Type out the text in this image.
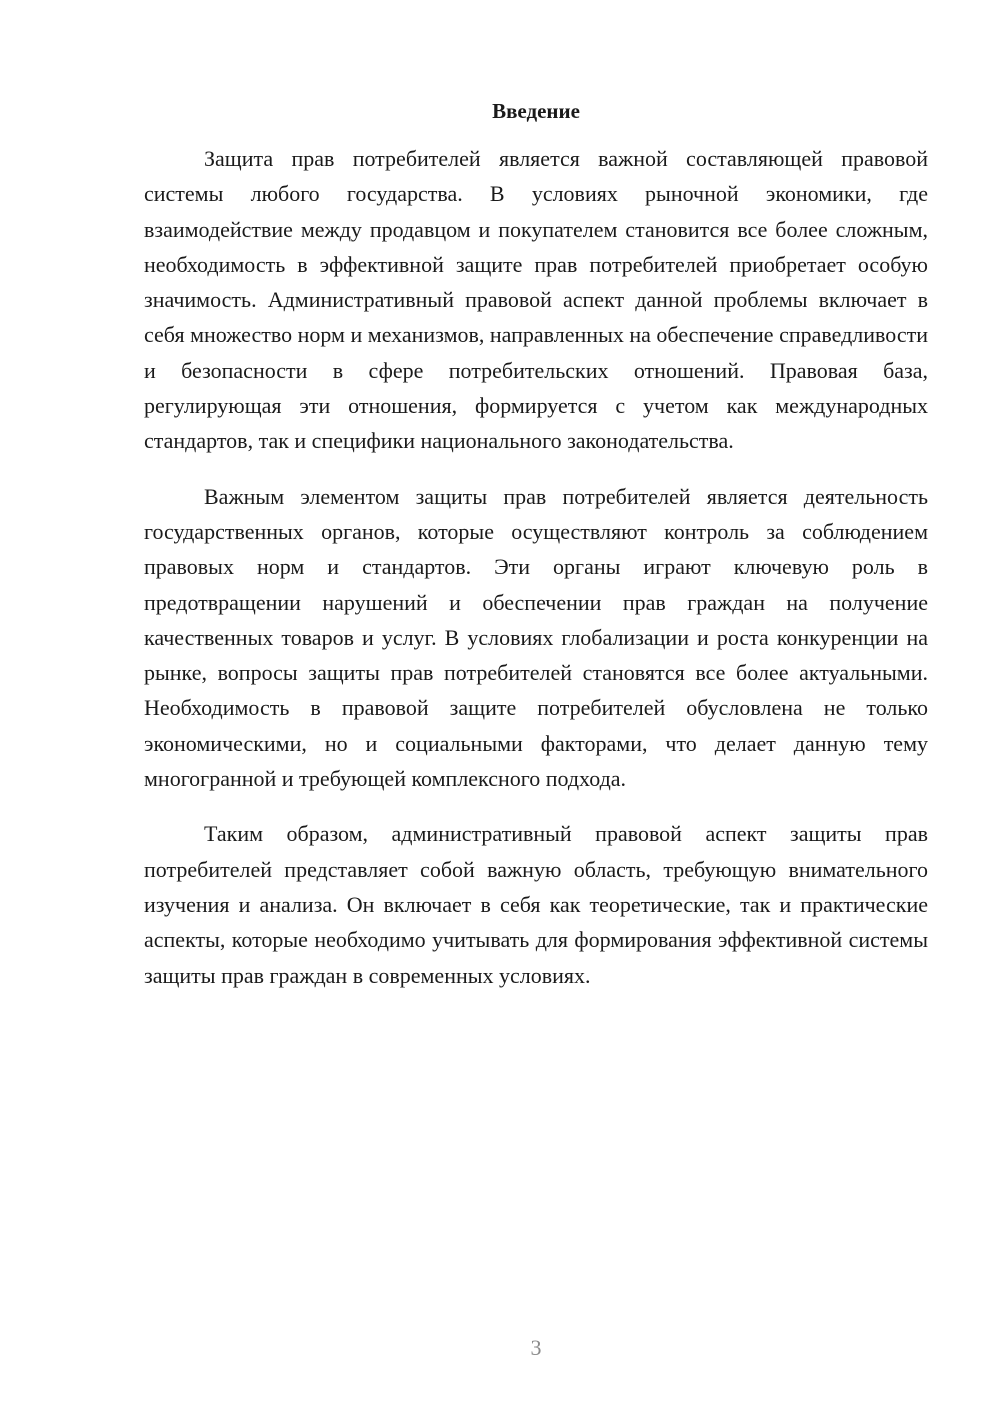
Введение

Защита прав потребителей является важной составляющей правовой системы любого государства. В условиях рыночной экономики, где взаимодействие между продавцом и покупателем становится все более сложным, необходимость в эффективной защите прав потребителей приобретает особую значимость. Административный правовой аспект данной проблемы включает в себя множество норм и механизмов, направленных на обеспечение справедливости и безопасности в сфере потребительских отношений. Правовая база, регулирующая эти отношения, формируется с учетом как международных стандартов, так и специфики национального законодательства.

Важным элементом защиты прав потребителей является деятельность государственных органов, которые осуществляют контроль за соблюдением правовых норм и стандартов. Эти органы играют ключевую роль в предотвращении нарушений и обеспечении прав граждан на получение качественных товаров и услуг. В условиях глобализации и роста конкуренции на рынке, вопросы защиты прав потребителей становятся все более актуальными. Необходимость в правовой защите потребителей обусловлена не только экономическими, но и социальными факторами, что делает данную тему многогранной и требующей комплексного подхода.

Таким образом, административный правовой аспект защиты прав потребителей представляет собой важную область, требующую внимательного изучения и анализа. Он включает в себя как теоретические, так и практические аспекты, которые необходимо учитывать для формирования эффективной системы защиты прав граждан в современных условиях.

3
